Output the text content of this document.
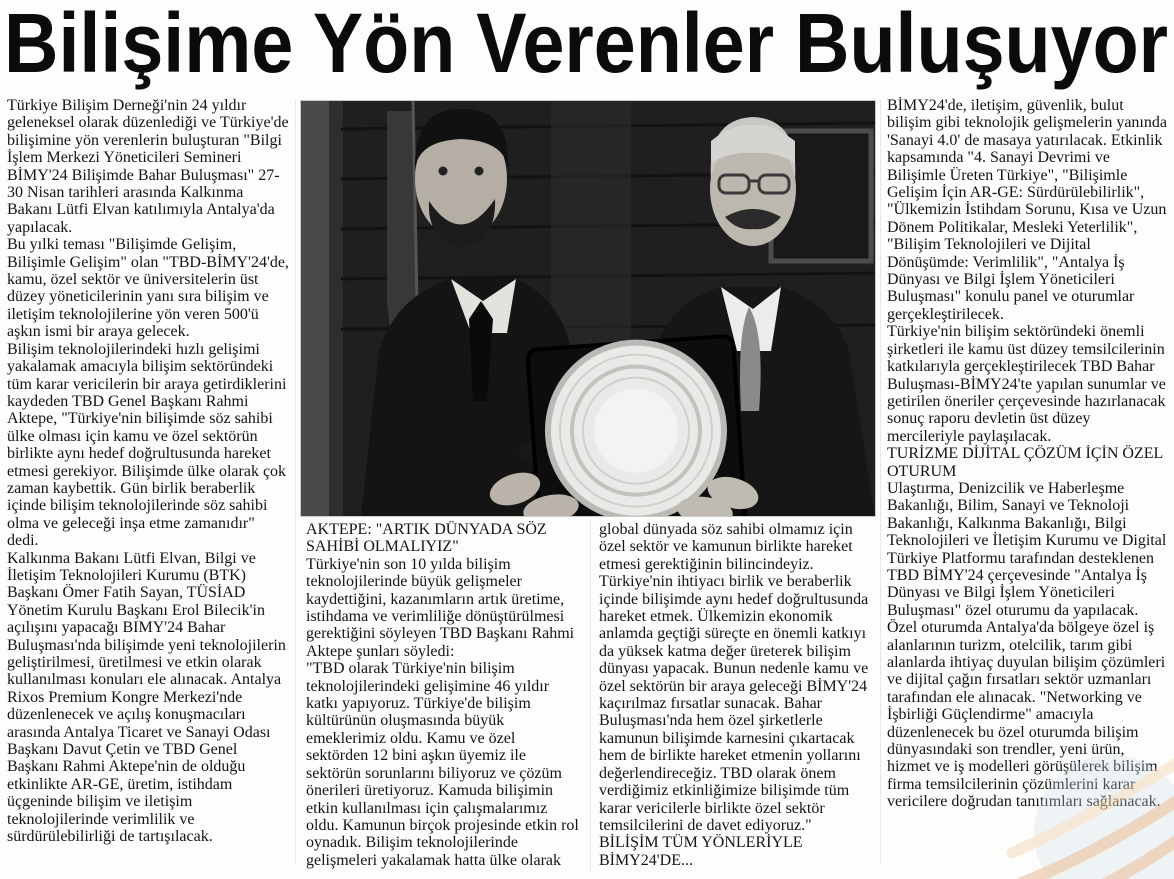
Bilişime Yön Verenler Buluşuyor

Türkiye Bilişim Derneği'nin 24 yıldır geleneksel olarak düzenlediği ve Türkiye'de bilişimine yön verenlerin buluşturan "Bilgi İşlem Merkezi Yöneticileri Semineri BİMY'24 Bilişimde Bahar Buluşması" 27-30 Nisan tarihleri arasında Kalkınma Bakanı Lütfi Elvan katılımıyla Antalya'da yapılacak.

Bu yılki teması "Bilişimde Gelişim, Bilişimle Gelişim" olan "TBD-BİMY'24'de, kamu, özel sektör ve üniversitelerin üst düzey yöneticilerinin yanı sıra bilişim ve iletişim teknolojilerine yön veren 500'ü aşkın ismi bir araya gelecek.

Bilişim teknolojilerindeki hızlı gelişimi yakalamak amacıyla bilişim sektöründeki tüm karar vericilerin bir araya getirdiklerini kaydeden TBD Genel Başkanı Rahmi Aktepe, "Türkiye'nin bilişimde söz sahibi ülke olması için kamu ve özel sektörün birlikte aynı hedef doğrultusunda hareket etmesi gerekiyor. Bilişimde ülke olarak çok zaman kaybettik. Gün birlik beraberlik içinde bilişim teknolojilerinde söz sahibi olma ve geleceği inşa etme zamanıdır" dedi.

Kalkınma Bakanı Lütfi Elvan, Bilgi ve İletişim Teknolojileri Kurumu (BTK) Başkanı Ömer Fatih Sayan, TÜSİAD Yönetim Kurulu Başkanı Erol Bilecik'in açılışını yapacağı BIMY'24 Bahar Buluşması'nda bilişimde yeni teknolojilerin geliştirilmesi, üretilmesi ve etkin olarak kullanılması konuları ele alınacak. Antalya Rixos Premium Kongre Merkezi'nde düzenlenecek ve açılış konuşmacıları arasında Antalya Ticaret ve Sanayi Odası Başkanı Davut Çetin ve TBD Genel Başkanı Rahmi Aktepe'nin de olduğu etkinlikte AR-GE, üretim, istihdam üçgeninde bilişim ve iletişim teknolojilerinde verimlilik ve sürdürülebilirliği de tartışılacak.

AKTEPE: "ARTIK DÜNYADA SÖZ SAHİBİ OLMALIYIZ"

Türkiye'nin son 10 yılda bilişim teknolojilerinde büyük gelişmeler kaydettiğini, kazanımların artık üretime, istihdama ve verimliliğe dönüştürülmesi gerektiğini söyleyen TBD Başkanı Rahmi Aktepe şunları söyledi:

"TBD olarak Türkiye'nin bilişim teknolojilerindeki gelişimine 46 yıldır katkı yapıyoruz. Türkiye'de bilişim kültürünün oluşmasında büyük emeklerimiz oldu. Kamu ve özel sektörden 12 bini aşkın üyemiz ile sektörün sorunlarını biliyoruz ve çözüm önerileri üretiyoruz. Kamuda bilişimin etkin kullanılması için çalışmalarımız oldu. Kamunun birçok projesinde etkin rol oynadık. Bilişim teknolojilerinde gelişmeleri yakalamak hatta ülke olarak

global dünyada söz sahibi olmamız için özel sektör ve kamunun birlikte hareket etmesi gerektiğinin bilincindeyiz. Türkiye'nin ihtiyacı birlik ve beraberlik içinde bilişimde aynı hedef doğrultusunda hareket etmek. Ülkemizin ekonomik anlamda geçtiği süreçte en önemli katkıyı da yüksek katma değer üreterek bilişim dünyası yapacak. Bunun nedenle kamu ve özel sektörün bir araya geleceği BİMY'24 kaçırılmaz fırsatlar sunacak. Bahar Buluşması'nda hem özel şirketlerle kamunun bilişimde karnesini çıkartacak hem de birlikte hareket etmenin yollarını değerlendireceğiz. TBD olarak önem verdiğimiz etkinliğimize bilişimde tüm karar vericilerle birlikte özel sektör temsilcilerini de davet ediyoruz."

BİLİŞİM TÜM YÖNLERİYLE BİMY24'DE...

BİMY24'de, iletişim, güvenlik, bulut bilişim gibi teknolojik gelişmelerin yanında 'Sanayi 4.0' de masaya yatırılacak. Etkinlik kapsamında "4. Sanayi Devrimi ve Bilişimle Üreten Türkiye", "Bilişimle Gelişim İçin AR-GE: Sürdürülebilirlik", "Ülkemizin İstihdam Sorunu, Kısa ve Uzun Dönem Politikalar, Mesleki Yeterlilik", "Bilişim Teknolojileri ve Dijital Dönüşümde: Verimlilik", "Antalya İş Dünyası ve Bilgi İşlem Yöneticileri Buluşması" konulu panel ve oturumlar gerçekleştirilecek.

Türkiye'nin bilişim sektöründeki önemli şirketleri ile kamu üst düzey temsilcilerinin katkılarıyla gerçekleştirilecek TBD Bahar Buluşması-BİMY24'te yapılan sunumlar ve getirilen öneriler çerçevesinde hazırlanacak sonuç raporu devletin üst düzey mercileriyle paylaşılacak.

TURİZME DİJİTAL ÇÖZÜM İÇİN ÖZEL OTURUM

Ulaştırma, Denizcilik ve Haberleşme Bakanlığı, Bilim, Sanayi ve Teknoloji Bakanlığı, Kalkınma Bakanlığı, Bilgi Teknolojileri ve İletişim Kurumu ve Digital Türkiye Platformu tarafından desteklenen TBD BİMY'24 çerçevesinde "Antalya İş Dünyası ve Bilgi İşlem Yöneticileri Buluşması" özel oturumu da yapılacak. Özel oturumda Antalya'da bölgeye özel iş alanlarının turizm, otelcilik, tarım gibi alanlarda ihtiyaç duyulan bilişim çözümleri ve dijital çağın fırsatları sektör uzmanları tarafından ele alınacak. "Networking ve İşbirliği Güçlendirme" amacıyla düzenlenecek bu özel oturumda bilişim dünyasındaki son trendler, yeni ürün, hizmet ve iş modelleri görüşülerek bilişim firma temsilcilerinin çözümlerini karar vericilere doğrudan tanıtımları sağlanacak.
